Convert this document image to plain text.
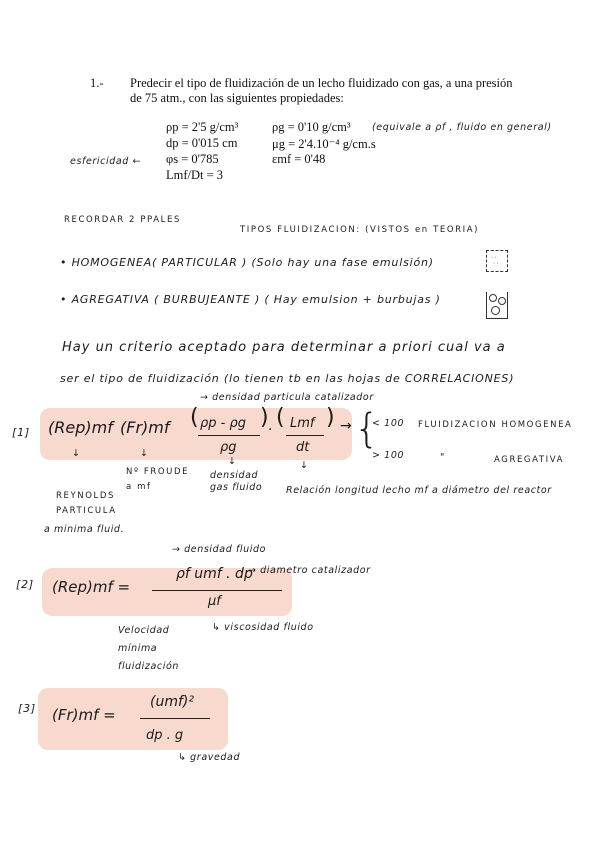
1.- Predecir el tipo de fluidización de un lecho fluidizado con gas, a una presión
de 75 atm., con las siguientes propiedades:
ρp = 2'5 g/cm³
dp = 0'015 cm
φs = 0'785
Lmf/Dt = 3
ρg = 0'10 g/cm³
μg = 2'4.10⁻⁴ g/cm.s
εmf = 0'48
(equivale a ρf , fluido en general)
esfericidad ←
RECORDAR 2 PPALES
TIPOS FLUIDIZACION: (VISTOS en TEORIA)
• HOMOGENEA( PARTICULAR ) (Solo hay una fase emulsión)	· ·
· ·
• AGREGATIVA ( BURBUJEANTE ) ( Hay emulsion + burbujas )
Hay un criterio aceptado para determinar a priori cual va a
ser el tipo de fluidización (lo tienen tb en las hojas de CORRELACIONES)
[1] (Rep)mf (Fr)mf ( ρp - ρg
ρg
) · ( Lmf
dt
) → {
< 100
> 100
FLUIDIZACION HOMOGENEA
"	AGREGATIVA
→ densidad particula catalizador
↓	↓
↓	↓
REYNOLDS PARTICULA
a minima fluid.
Nº FROUDE a mf
densidad gas fluido Relación longitud lecho mf a diámetro del reactor
[2] (Rep)mf =
ρf umf . dp
μf
→ densidad fluido
→ diametro catalizador
↳ viscosidad fluido
Velocidad mínima fluidización
[3] (Fr)mf =
(umf)²
dp . g
↳ gravedad
